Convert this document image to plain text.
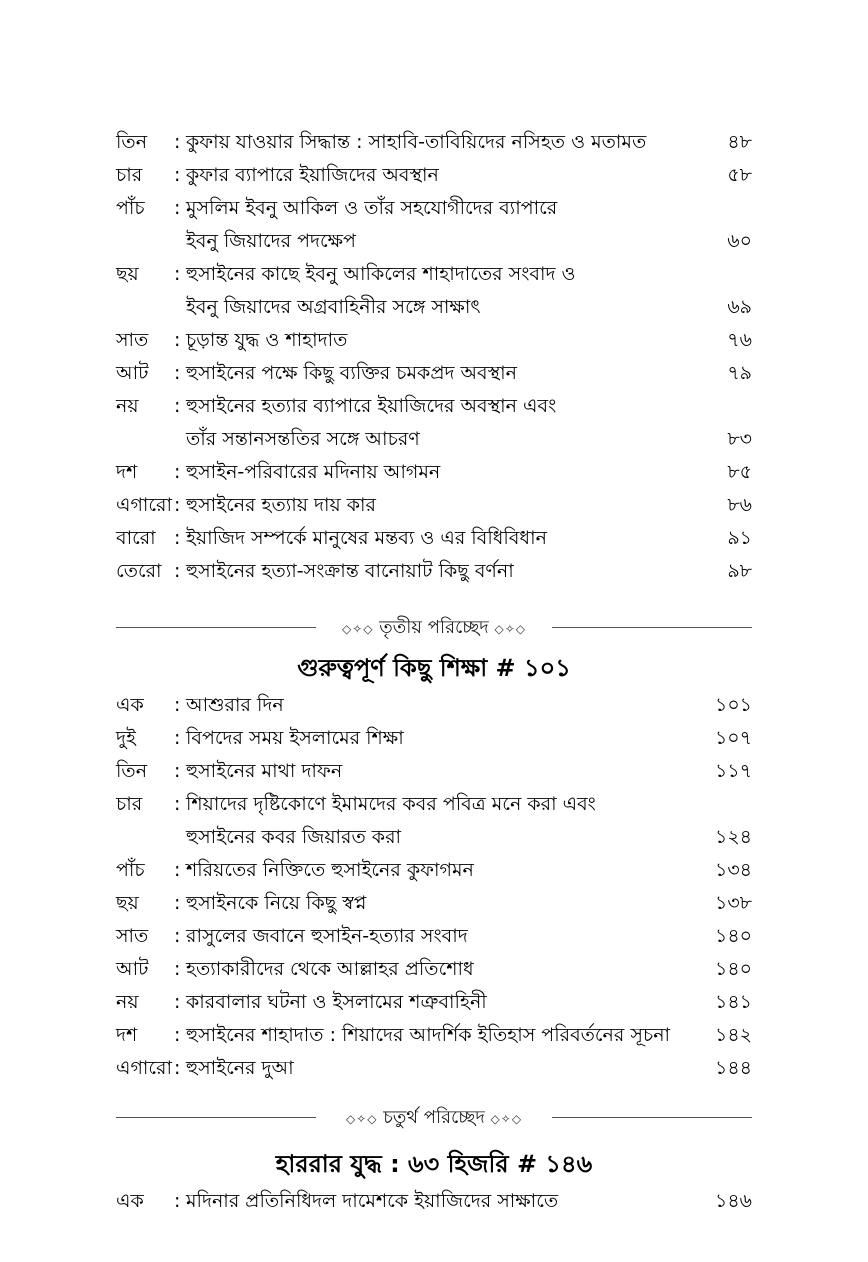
তিন : কুফায় যাওয়ার সিদ্ধান্ত : সাহাবি-তাবিয়িদের নসিহত ও মতামত	৪৮
চার : কুফার ব্যাপারে ইয়াজিদের অবস্থান	৫৮
পাঁচ : মুসলিম ইবনু আকিল ও তাঁর সহযোগীদের ব্যাপারে
ইবনু জিয়াদের পদক্ষেপ	৬০
ছয় : হুসাইনের কাছে ইবনু আকিলের শাহাদাতের সংবাদ ও
ইবনু জিয়াদের অগ্রবাহিনীর সঙ্গে সাক্ষাৎ	৬৯
সাত : চূড়ান্ত যুদ্ধ ও শাহাদাত	৭৬
আট : হুসাইনের পক্ষে কিছু ব্যক্তির চমকপ্রদ অবস্থান	৭৯
নয় : হুসাইনের হত্যার ব্যাপারে ইয়াজিদের অবস্থান এবং
তাঁর সন্তানসন্ততির সঙ্গে আচরণ	৮৩
দশ : হুসাইন-পরিবারের মদিনায় আগমন	৮৫
এগারো : হুসাইনের হত্যায় দায় কার	৮৬
বারো : ইয়াজিদ সম্পর্কে মানুষের মন্তব্য ও এর বিধিবিধান	৯১
তেরো : হুসাইনের হত্যা-সংক্রান্ত বানোয়াট কিছু বর্ণনা	৯৮
◇✧◇ তৃতীয় পরিচ্ছেদ ◇✧◇
গুরুত্বপূর্ণ কিছু শিক্ষা # ১০১
এক : আশুরার দিন	১০১
দুই : বিপদের সময় ইসলামের শিক্ষা	১০৭
তিন : হুসাইনের মাথা দাফন	১১৭
চার : শিয়াদের দৃষ্টিকোণে ইমামদের কবর পবিত্র মনে করা এবং
হুসাইনের কবর জিয়ারত করা	১২৪
পাঁচ : শরিয়তের নিক্তিতে হুসাইনের কুফাগমন	১৩৪
ছয় : হুসাইনকে নিয়ে কিছু স্বপ্ন	১৩৮
সাত : রাসুলের জবানে হুসাইন-হত্যার সংবাদ	১৪০
আট : হত্যাকারীদের থেকে আল্লাহর প্রতিশোধ	১৪০
নয় : কারবালার ঘটনা ও ইসলামের শত্রুবাহিনী	১৪১
দশ : হুসাইনের শাহাদাত : শিয়াদের আদর্শিক ইতিহাস পরিবর্তনের সূচনা ১৪২
এগারো : হুসাইনের দুআ	১৪৪
◇✧◇ চতুর্থ পরিচ্ছেদ ◇✧◇
হাররার যুদ্ধ : ৬৩ হিজরি # ১৪৬
এক : মদিনার প্রতিনিধিদল দামেশকে ইয়াজিদের সাক্ষাতে	১৪৬
